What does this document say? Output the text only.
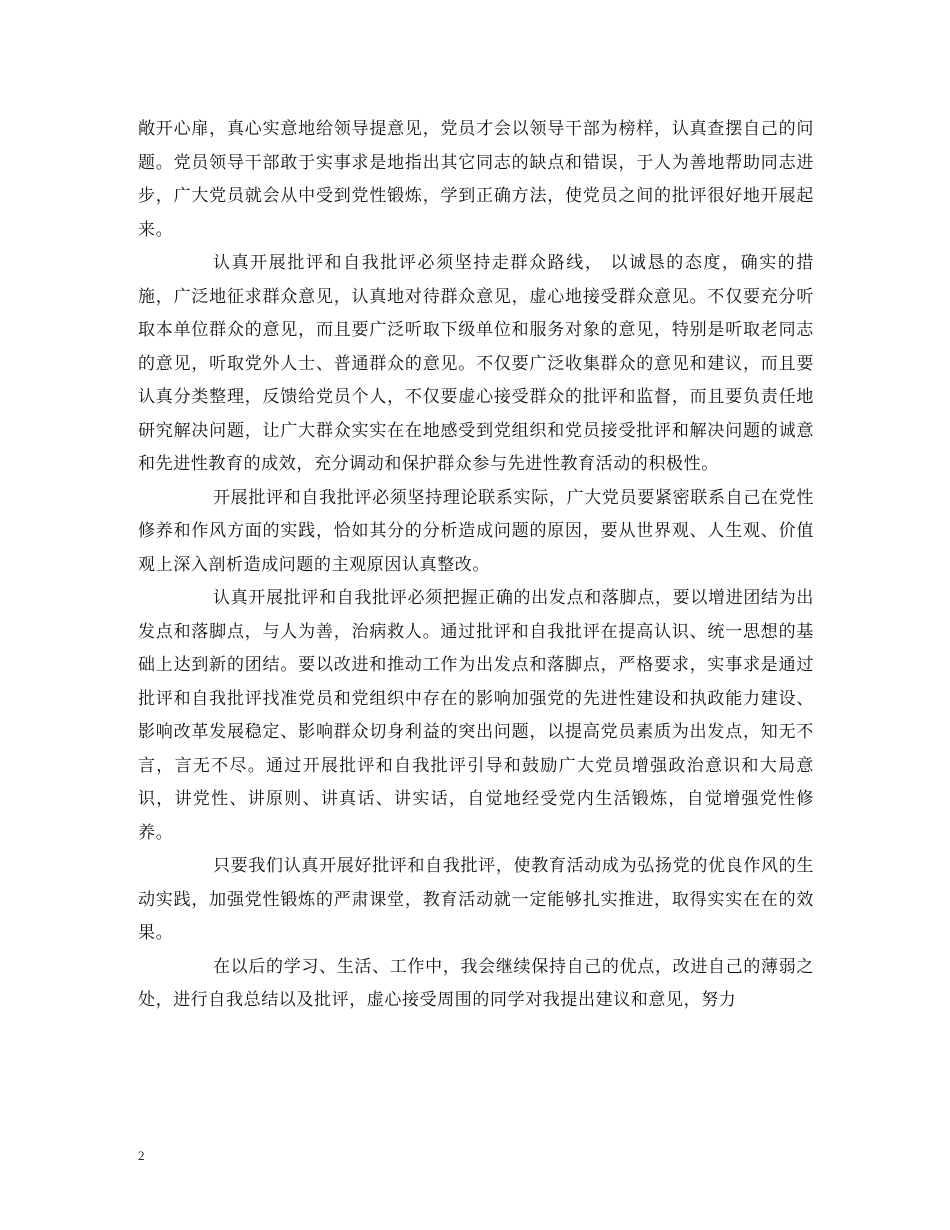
敞开心扉，真心实意地给领导提意见，党员才会以领导干部为榜样，认真查摆自己的问题。党员领导干部敢于实事求是地指出其它同志的缺点和错误，于人为善地帮助同志进步，广大党员就会从中受到党性锻炼，学到正确方法，使党员之间的批评很好地开展起来。

认真开展批评和自我批评必须坚持走群众路线， 以诚恳的态度，确实的措施，广泛地征求群众意见，认真地对待群众意见，虚心地接受群众意见。不仅要充分听取本单位群众的意见，而且要广泛听取下级单位和服务对象的意见，特别是听取老同志的意见，听取党外人士、普通群众的意见。不仅要广泛收集群众的意见和建议，而且要认真分类整理，反馈给党员个人，不仅要虚心接受群众的批评和监督，而且要负责任地研究解决问题，让广大群众实实在在地感受到党组织和党员接受批评和解决问题的诚意和先进性教育的成效，充分调动和保护群众参与先进性教育活动的积极性。

开展批评和自我批评必须坚持理论联系实际，广大党员要紧密联系自己在党性修养和作风方面的实践，恰如其分的分析造成问题的原因，要从世界观、人生观、价值观上深入剖析造成问题的主观原因认真整改。

认真开展批评和自我批评必须把握正确的出发点和落脚点，要以增进团结为出发点和落脚点，与人为善，治病救人。通过批评和自我批评在提高认识、统一思想的基础上达到新的团结。要以改进和推动工作为出发点和落脚点，严格要求，实事求是通过批评和自我批评找准党员和党组织中存在的影响加强党的先进性建设和执政能力建设、影响改革发展稳定、影响群众切身利益的突出问题，以提高党员素质为出发点，知无不言，言无不尽。通过开展批评和自我批评引导和鼓励广大党员增强政治意识和大局意识，讲党性、讲原则、讲真话、讲实话，自觉地经受党内生活锻炼，自觉增强党性修养。

只要我们认真开展好批评和自我批评，使教育活动成为弘扬党的优良作风的生动实践，加强党性锻炼的严肃课堂，教育活动就一定能够扎实推进，取得实实在在的效果。

在以后的学习、生活、工作中，我会继续保持自己的优点，改进自己的薄弱之处，进行自我总结以及批评，虚心接受周围的同学对我提出建议和意见，努力

2
